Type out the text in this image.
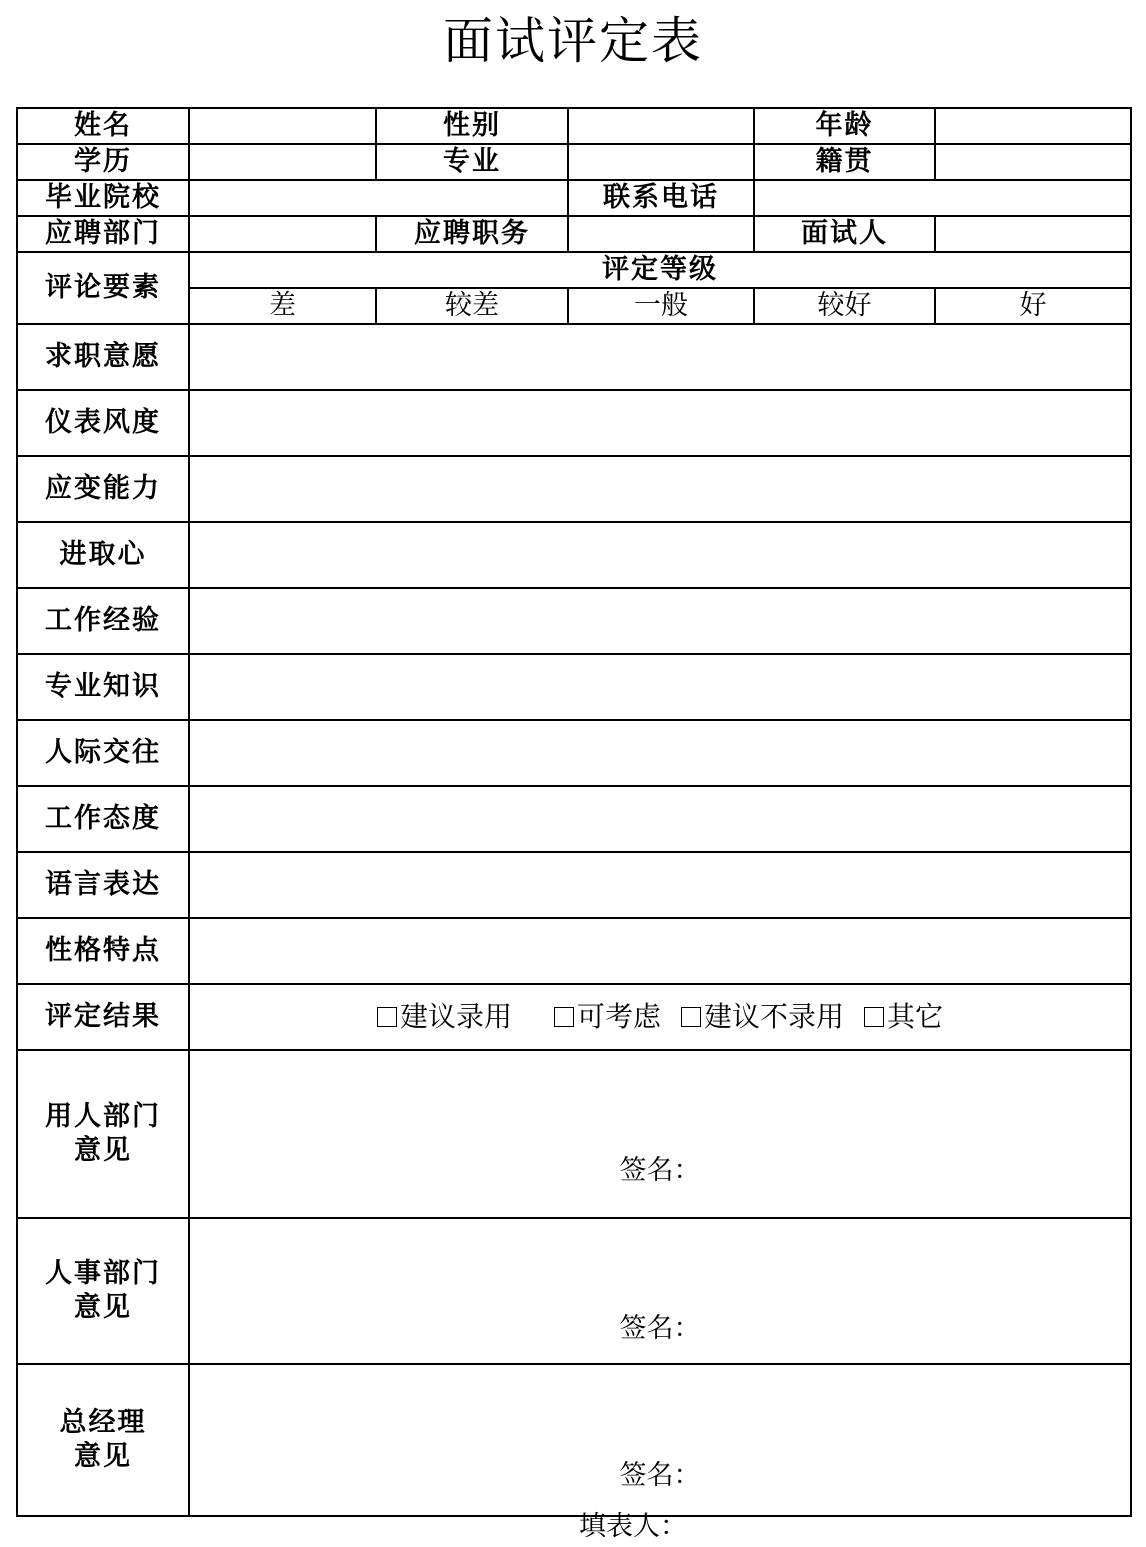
面试评定表
姓名		性别		年龄	
学历		专业		籍贯	
毕业院校			联系电话		
应聘部门		应聘职务		面试人	
评论要素	评定等级				
	差	较差	一般	较好	好
求职意愿					
仪表风度					
应变能力					
进取心					
工作经验					
专业知识					
人际交往					
工作态度					
语言表达					
性格特点					
评定结果	建议录用 可考虑 建议不录用 其它				

用人部门
意见	签名：				

人事部门
意见	签名：				

总经理
意见	签名：				
填表人：
